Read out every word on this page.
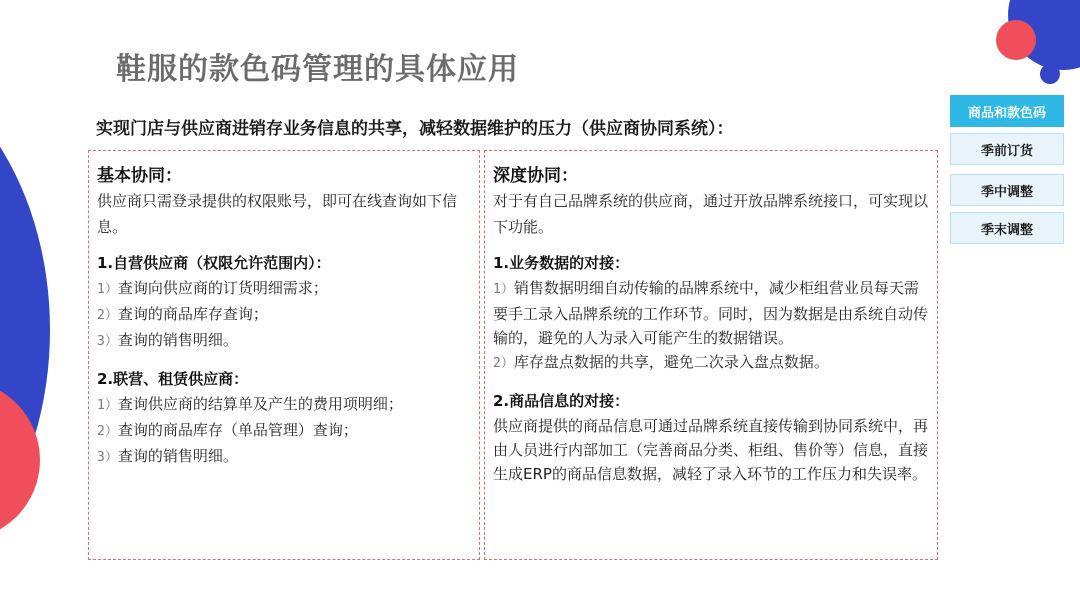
鞋服的款色码管理的具体应用
实现门店与供应商进销存业务信息的共享，减轻数据维护的压力（供应商协同系统）：
基本协同：

供应商只需登录提供的权限账号，即可在线查询如下信息。

1.自营供应商（权限允许范围内）：

1）查询向供应商的订货明细需求；

2）查询的商品库存查询；

3）查询的销售明细。

2.联营、租赁供应商：

1）查询供应商的结算单及产生的费用项明细；

2）查询的商品库存（单品管理）查询；

3）查询的销售明细。

深度协同：

对于有自己品牌系统的供应商，通过开放品牌系统接口，可实现以下功能。

1.业务数据的对接：

1）销售数据明细自动传输的品牌系统中，减少柜组营业员每天需要手工录入品牌系统的工作环节。同时，因为数据是由系统自动传输的，避免的人为录入可能产生的数据错误。

2）库存盘点数据的共享，避免二次录入盘点数据。

2.商品信息的对接：

供应商提供的商品信息可通过品牌系统直接传输到协同系统中，再由人员进行内部加工（完善商品分类、柜组、售价等）信息，直接生成ERP的商品信息数据，减轻了录入环节的工作压力和失误率。

商品和款色码
季前订货
季中调整
季末调整
